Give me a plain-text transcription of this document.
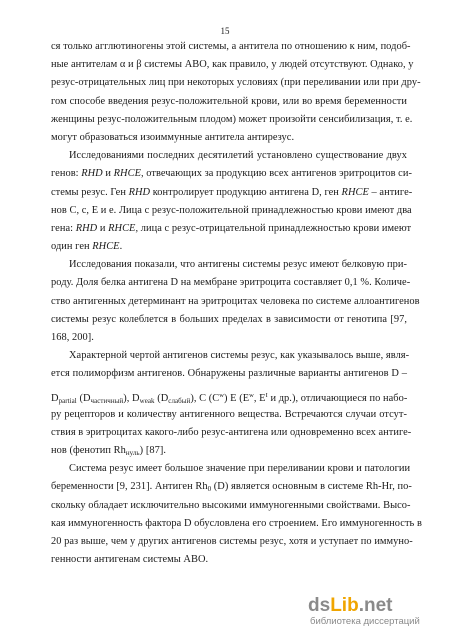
15
ся только агглютиногены этой системы, а антитела по отношению к ним, подоб-
ные антителам α и β системы АВО, как правило, у людей отсутствуют. Однако, у
резус-отрицательных лиц при некоторых условиях (при переливании или при дру-
гом способе введения резус-положительной крови, или во время беременности
женщины резус-положительным плодом) может произойти сенсибилизация, т. е.
могут образоваться изоиммунные антитела антирезус.
Исследованиями последних десятилетий установлено существование двух
генов: RHD и RHCE, отвечающих за продукцию всех антигенов эритроцитов си-
стемы резус. Ген RHD контролирует продукцию антигена D, ген RHCE – антиге-
нов С, с, Е и е. Лица с резус-положительной принадлежностью крови имеют два
гена: RHD и RHCE, лица с резус-отрицательной принадлежностью крови имеют
один ген RHCE.
Исследования показали, что антигены системы резус имеют белковую при-
роду. Доля белка антигена D на мембране эритроцита составляет 0,1 %. Количе-
ство антигенных детерминант на эритроцитах человека по системе аллоантигенов
системы резус колеблется в больших пределах в зависимости от генотипа [97,
168, 200].
Характерной чертой антигенов системы резус, как указывалось выше, явля-
ется полиморфизм антигенов. Обнаружены различные варианты антигенов D –
$D_{partial}$ $(D_{частичный})$, $D_{weak}$ $(D_{слабый})$, C $(C^w)$ E ($E^w$, $E^I$ и др.), отличающиеся по набо-
ру рецепторов и количеству антигенного вещества. Встречаются случаи отсут-
ствия в эритроцитах какого-либо резус-антигена или одновременно всех антиге-
нов (фенотип $Rh_{нуль}$) [87].
Система резус имеет большое значение при переливании крови и патологии
беременности [9, 231]. Антиген $Rh_0$ (D) является основным в системе Rh-Hr, по-
скольку обладает исключительно высокими иммуногенными свойствами. Высо-
кая иммуногенность фактора D обусловлена его строением. Его иммуногенность в
20 раз выше, чем у других антигенов системы резус, хотя и уступает по иммуно-
генности антигенам системы АВО.
dsLib.net
библиотека диссертаций
